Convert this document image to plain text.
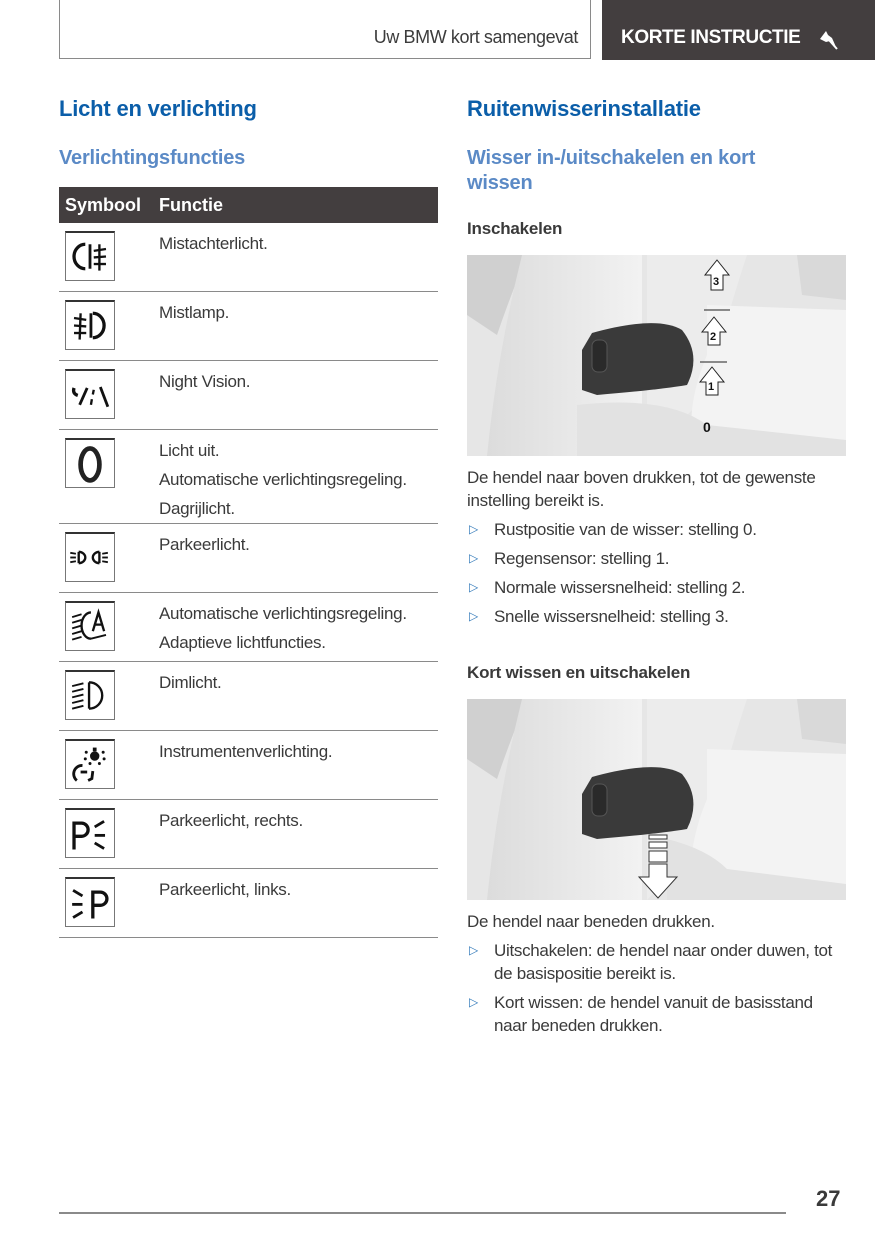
Uw BMW kort samengevat KORTE INSTRUCTIE
Licht en verlichting
Verlichtingsfuncties
Symbool Functie
Mistachterlicht.
Mistlamp.
Night Vision.
Licht uit.
Automatische verlichtingsregeling.
Dagrijlicht.
Parkeerlicht.
Automatische verlichtingsregeling.
Adaptieve lichtfuncties.
Dimlicht.
Instrumentenverlichting.
Parkeerlicht, rechts.
Parkeerlicht, links.
Ruitenwisserinstallatie
Wisser in-/uitschakelen en kort
wissen
Inschakelen
3
2
1
0
De hendel naar boven drukken, tot de gewenste instelling bereikt is.
▷ Rustpositie van de wisser: stelling 0.
▷ Regensensor: stelling 1.
▷ Normale wissersnelheid: stelling 2.
▷ Snelle wissersnelheid: stelling 3.
Kort wissen en uitschakelen
De hendel naar beneden drukken.
▷ Uitschakelen: de hendel naar onder duwen, tot de basispositie bereikt is.
▷ Kort wissen: de hendel vanuit de basisstand naar beneden drukken.
27
